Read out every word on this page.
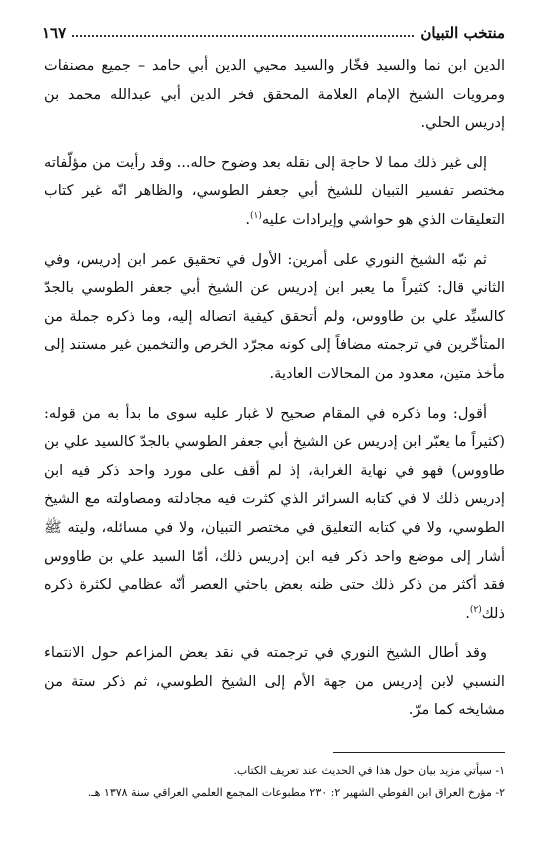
منتخب التبيان
١٦٧

الدين ابن نما والسيد فخّار والسيد محيي الدين أبي حامد – جميع مصنفات ومرويات الشيخ الإمام العلامة المحقق فخر الدين أبي عبدالله محمد بن إدريس الحلي.

إلى غير ذلك مما لا حاجة إلى نقله بعد وضوح حاله... وقد رأيت من مؤلّفاته مختصر تفسير التبيان للشيخ أبي جعفر الطوسي، والظاهر انّه غير كتاب التعليقات الذي هو حواشي وإيرادات عليه$^{(١)}$.

ثم نبّه الشيخ النوري على أمرين: الأول في تحقيق عمر ابن إدريس، وفي الثاني قال: كثيراً ما يعبر ابن إدريس عن الشيخ أبي جعفر الطوسي بالجدّ كالسيِّد علي بن طاووس، ولم أتحقق كيفية اتصاله إليه، وما ذكره جملة من المتأخّرين في ترجمته مضافاً إلى كونه مجرّد الخرص والتخمين غير مستند إلى مأخذ متين، معدود من المحالات العادية.

أقول: وما ذكره في المقام صحيح لا غبار عليه سوى ما بدأ به من قوله: (كثيراً ما يعبّر ابن إدريس عن الشيخ أبي جعفر الطوسي بالجدّ كالسيد علي بن طاووس) فهو في نهاية الغرابة، إذ لم أقف على مورد واحد ذكر فيه ابن إدريس ذلك لا في كتابه السرائر الذي كثرت فيه مجادلته ومصاولته مع الشيخ الطوسي، ولا في كتابه التعليق في مختصر التبيان، ولا في مسائله، وليته ﷺ أشار إلى موضع واحد ذكر فيه ابن إدريس ذلك، أمّا السيد علي بن طاووس فقد أكثر من ذكر ذلك حتى ظنه بعض باحثي العصر أنّه عظامي لكثرة ذكره ذلك$^{(٢)}$.

وقد أطال الشيخ النوري في ترجمته في نقد بعض المزاعم حول الانتماء النسبي لابن إدريس من جهة الأم إلى الشيخ الطوسي، ثم ذكر ستة من مشايخه كما مرّ.

١- سيأتي مزيد بيان حول هذا في الحديث عند تعريف الكتاب.

٢- مؤرخ العراق ابن الفوطي الشهير ٢: ٢٣٠ مطبوعات المجمع العلمي العراقي سنة ١٣٧٨ هـ.
